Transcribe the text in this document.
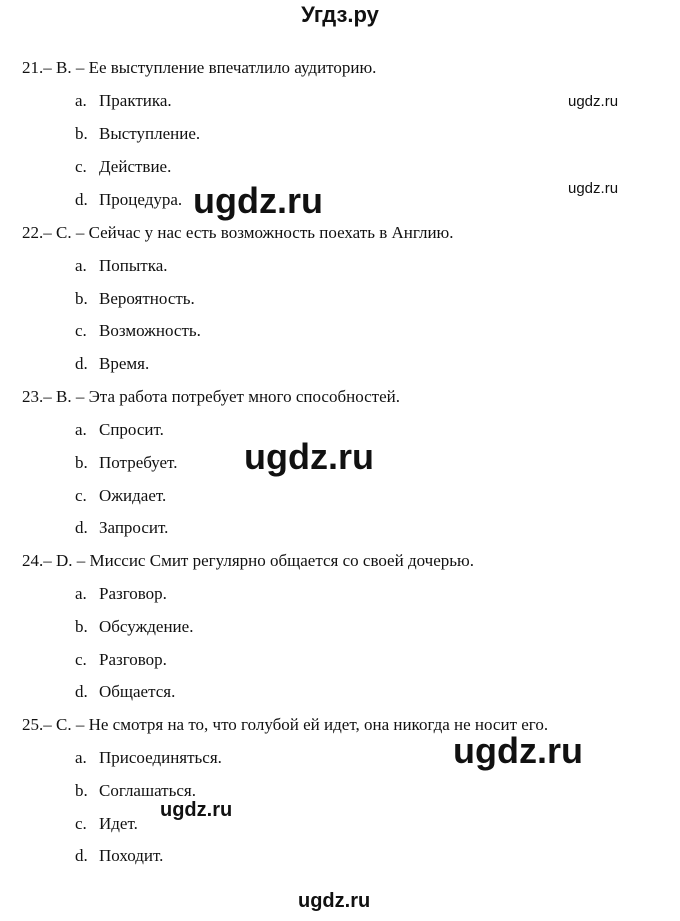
Угдз.ру
21.– B. – Ее выступление впечатлило аудиторию.
a. Практика.
b. Выступление.
c. Действие.
d. Процедура.
22.– C. – Сейчас у нас есть возможность поехать в Англию.
a. Попытка.
b. Вероятность.
c. Возможность.
d. Время.
23.– B. – Эта работа потребует много способностей.
a. Спросит.
b. Потребует.
c. Ожидает.
d. Запросит.
24.– D. – Миссис Смит регулярно общается со своей дочерью.
a. Разговор.
b. Обсуждение.
c. Разговор.
d. Общается.
25.– C. – Не смотря на то, что голубой ей идет, она никогда не носит его.
a. Присоединяться.
b. Соглашаться.
c. Идет.
d. Походит.
ugdz.ru
ugdz.ru
ugdz.ru
ugdz.ru
ugdz.ru
ugdz.ru
ugdz.ru
